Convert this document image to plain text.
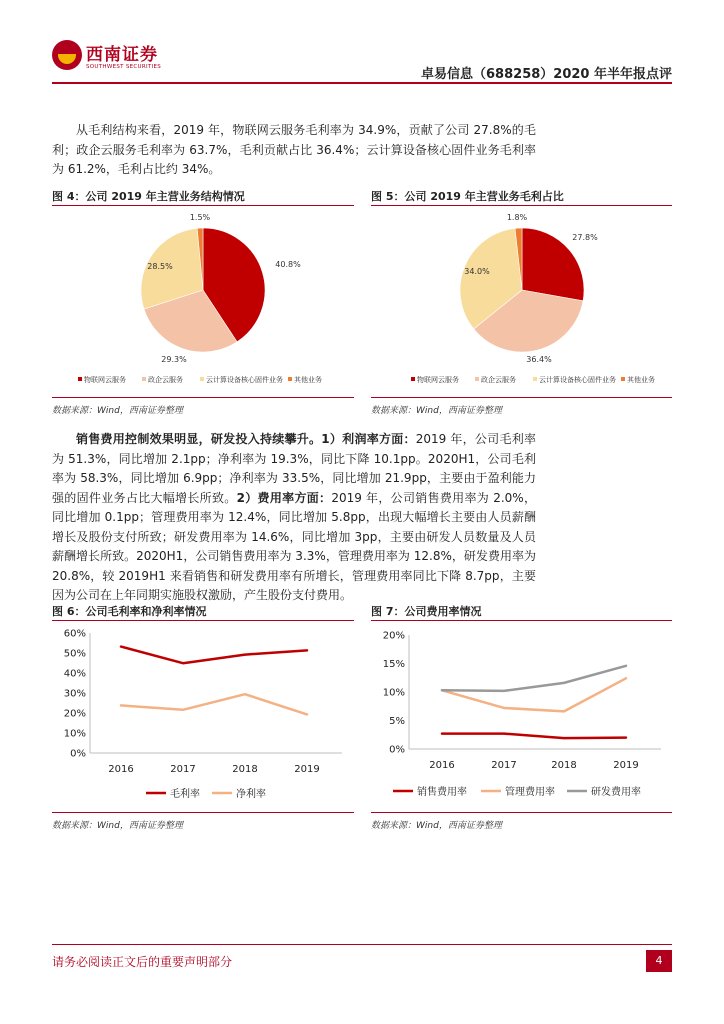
西南证券
SOUTHWEST SECURITIES	卓易信息（688258）2020 年半年报点评
从毛利结构来看，2019 年，物联网云服务毛利率为 34.9%，贡献了公司 27.8%的毛利；政企云服务毛利率为 63.7%，毛利贡献占比 36.4%；云计算设备核心固件业务毛利率为 61.2%，毛利占比约 34%。
图 4：公司 2019 年主营业务结构情况
40.8%
29.3%
28.5%
1.5%
物联网云服务	政企云服务	云计算设备核心固件业务 其他业务
数据来源：Wind，西南证券整理
图 5：公司 2019 年主营业务毛利占比
27.8%
36.4%
34.0%
1.8%
物联网云服务	政企云服务	云计算设备核心固件业务 其他业务
数据来源：Wind，西南证券整理
销售费用控制效果明显，研发投入持续攀升。1）利润率方面：2019 年，公司毛利率为 51.3%，同比增加 2.1pp；净利率为 19.3%，同比下降 10.1pp。2020H1，公司毛利率为 58.3%，同比增加 6.9pp；净利率为 33.5%，同比增加 21.9pp，主要由于盈利能力强的固件业务占比大幅增长所致。2）费用率方面：2019 年，公司销售费用率为 2.0%，同比增加 0.1pp；管理费用率为 12.4%，同比增加 5.8pp，出现大幅增长主要由人员薪酬增长及股份支付所致；研发费用率为 14.6%，同比增加 3pp，主要由研发人员数量及人员薪酬增长所致。2020H1，公司销售费用率为 3.3%，管理费用率为 12.8%，研发费用率为 20.8%，较 2019H1 来看销售和研发费用率有所增长，管理费用率同比下降 8.7pp，主要因为公司在上年同期实施股权激励，产生股份支付费用。
图 6：公司毛利率和净利率情况
0%
10%
20%
30%
40%
50%
60%
2016	2017	2018	2019
毛利率	净利率
数据来源：Wind，西南证券整理
图 7：公司费用率情况
0%
5%
10%
15%
20%
2016	2017	2018	2019
销售费用率	管理费用率	研发费用率
数据来源：Wind，西南证券整理
请务必阅读正文后的重要声明部分	4
